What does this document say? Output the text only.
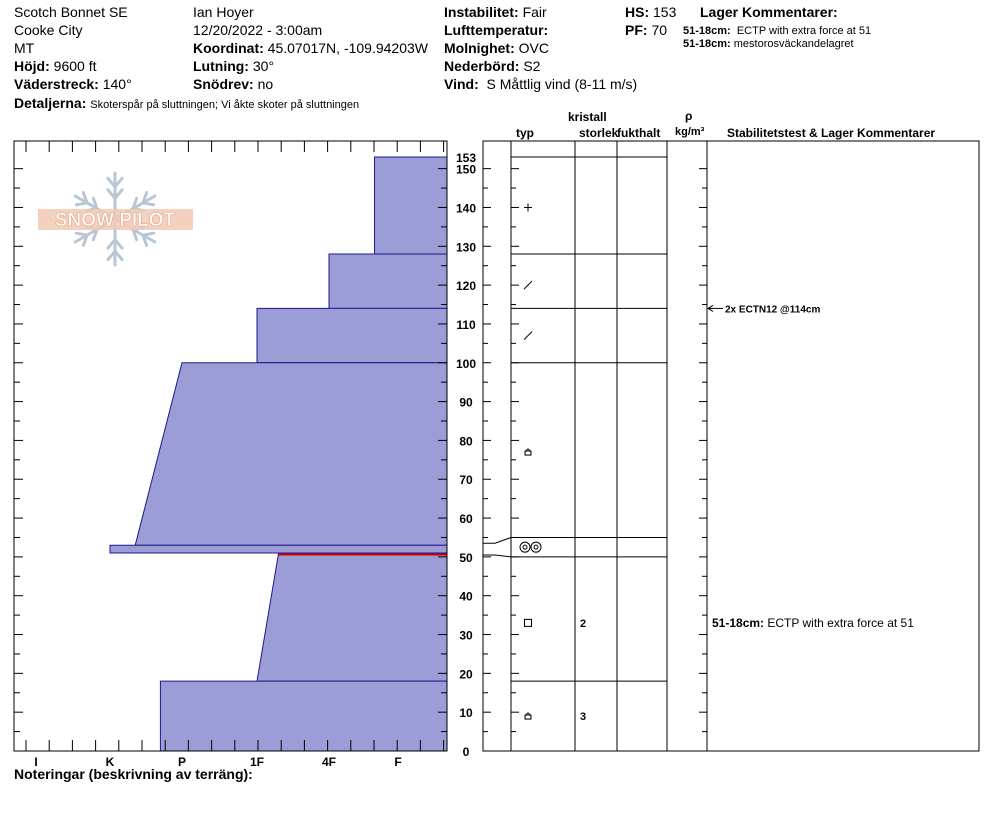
Scotch Bonnet SE
Cooke City
MT
Höjd: 9600 ft
Väderstreck: 140°
Detaljerna: Skoterspår på sluttningen; Vi åkte skoter på sluttningen
Ian Hoyer
12/20/2022 - 3:00am
Koordinat: 45.07017N, -109.94203W
Lutning: 30°
Snödrev: no
Instabilitet: Fair
Lufttemperatur:
Molnighet: OVC
Nederbörd: S2
Vind: S Måttlig vind (8-11 m/s)
HS: 153
PF: 70
Lager Kommentarer:
51-18cm: ECTP with extra force at 51
51-18cm: mestorosväckandelagret
SNOW PILOT
I	K	P	1F	4F	F
0
10
20
30
40
50
60
70
80
90
100
110
120
130
140
150
153
2
3
2x ECTN12 @114cm
51-18cm: ECTP with extra force at 51
kristall
typ	storlek
fukthalt
ρ
kg/m³ Stabilitetstest & Lager Kommentarer
Noteringar (beskrivning av terräng):
